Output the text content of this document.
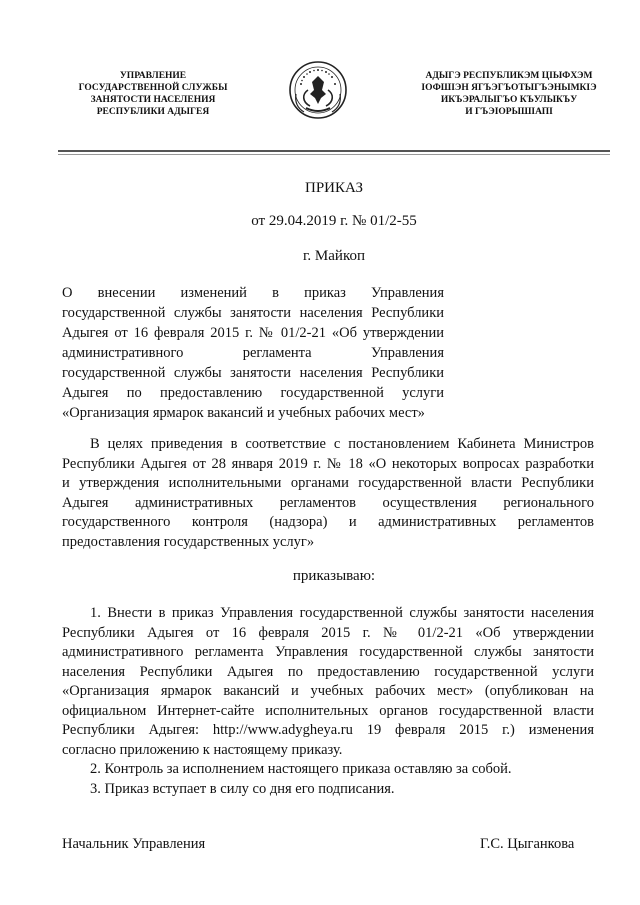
УПРАВЛЕНИЕ
ГОСУДАРСТВЕННОЙ СЛУЖБЫ
ЗАНЯТОСТИ НАСЕЛЕНИЯ
РЕСПУБЛИКИ АДЫГЕЯ
АДЫГЭ РЕСПУБЛИКЭМ ЦІЫФХЭМ
ІОФШІЭН ЯГЪЭГЪОТЫГЪЭНЫМКІЭ
ИКЪЭРАЛЫГЪО КЪУЛЫКЪУ
И ГЪЭІОРЫШІАПІ
ПРИКАЗ
от 29.04.2019 г. № 01/2-55
г. Майкоп
О внесении изменений в приказ Управления
государственной службы занятости населения Республики
Адыгея от 16 февраля 2015 г. № 01/2-21 «Об утверждении
административного регламента Управления
государственной службы занятости населения Республики
Адыгея по предоставлению государственной услуги
«Организация ярмарок вакансий и учебных рабочих мест»
В целях приведения в соответствие с постановлением Кабинета Министров
Республики Адыгея от 28 января 2019 г. № 18 «О некоторых вопросах разработки
и утверждения исполнительными органами государственной власти Республики
Адыгея административных регламентов осуществления регионального
государственного контроля (надзора) и административных регламентов
предоставления государственных услуг»
приказываю:
1. Внести в приказ Управления государственной службы занятости населения
Республики Адыгея от 16 февраля 2015 г. № 01/2-21 «Об утверждении
административного регламента Управления государственной службы занятости
населения Республики Адыгея по предоставлению государственной услуги
«Организация ярмарок вакансий и учебных рабочих мест» (опубликован на
официальном Интернет-сайте исполнительных органов государственной власти
Республики Адыгея: http://www.adygheya.ru 19 февраля 2015 г.) изменения
согласно приложению к настоящему приказу.
2. Контроль за исполнением настоящего приказа оставляю за собой.
3. Приказ вступает в силу со дня его подписания.
Начальник Управления	Г.С. Цыганкова
